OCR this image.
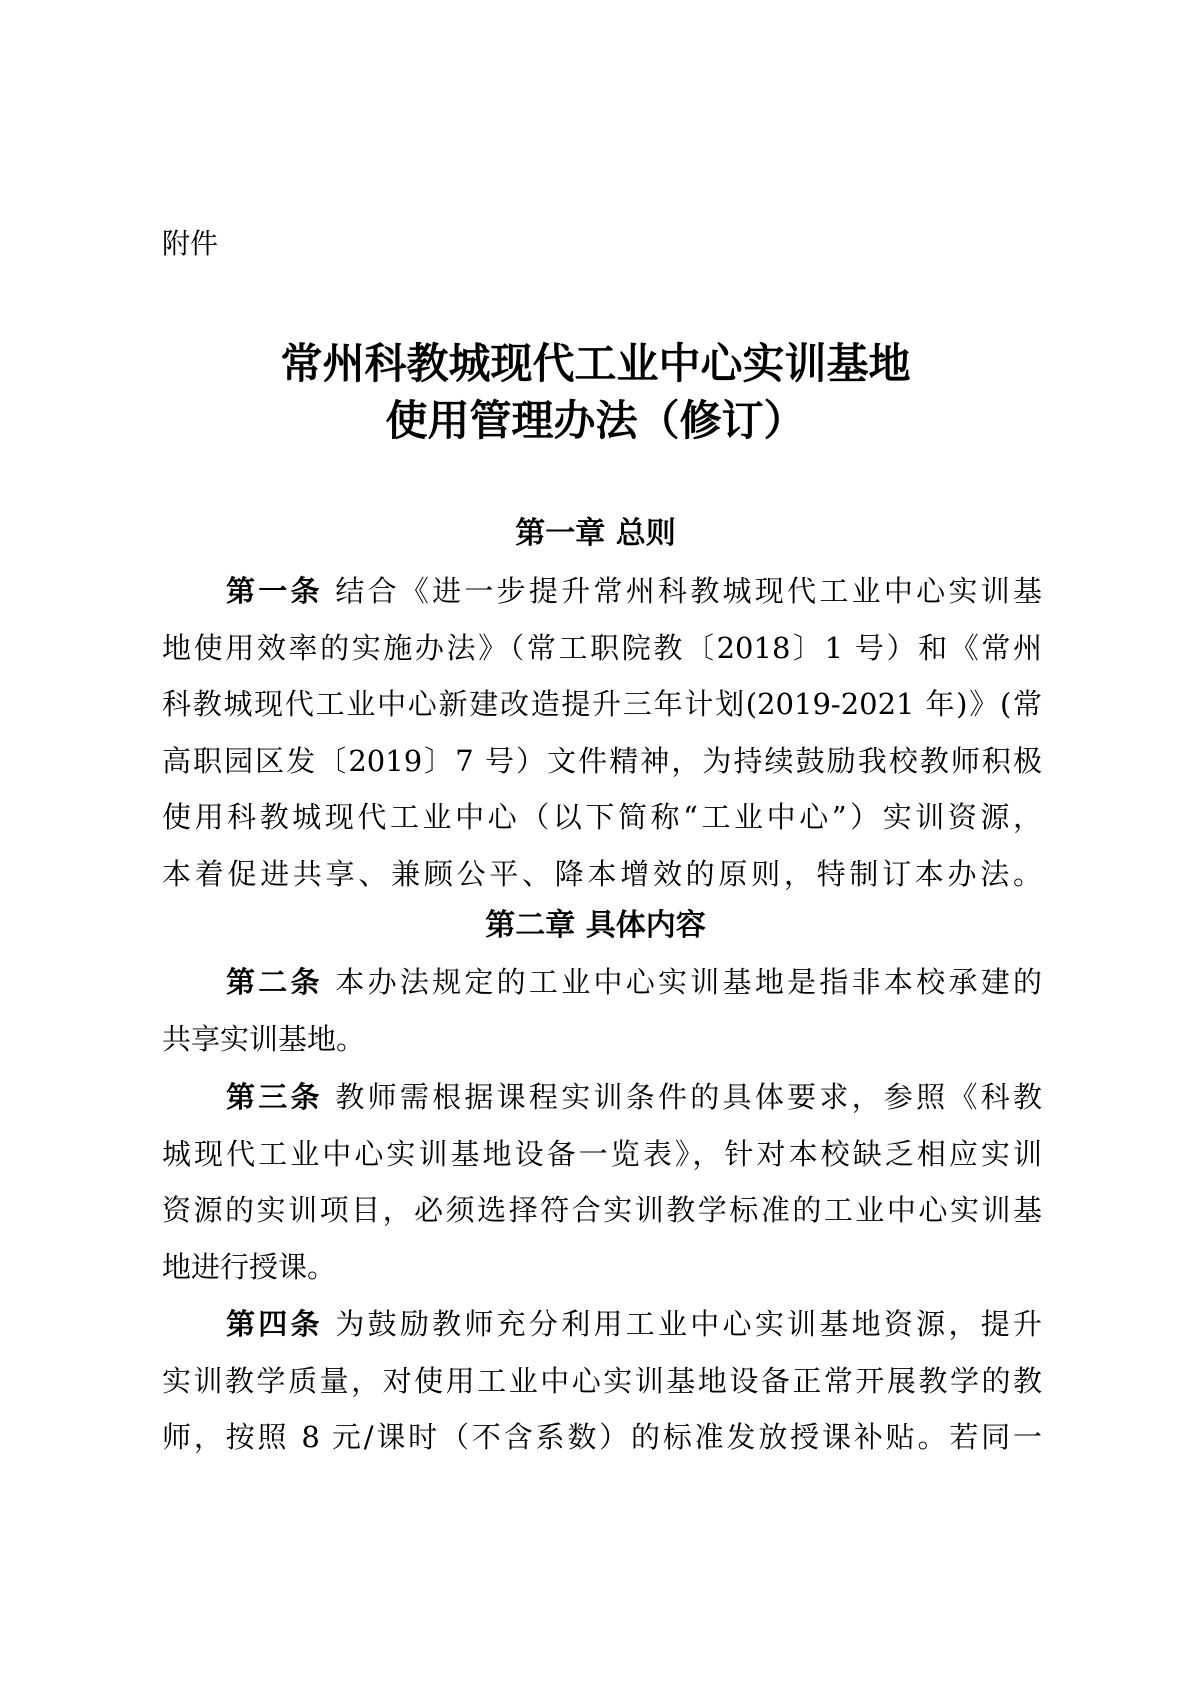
附件
常州科教城现代工业中心实训基地
使用管理办法（修订）
第一章 总则
第一条 结合《进一步提升常州科教城现代工业中心实训基
地使用效率的实施办法》（常工职院教〔2018〕1 号）和《常州
科教城现代工业中心新建改造提升三年计划(2019-2021 年)》(常
高职园区发〔2019〕7 号）文件精神，为持续鼓励我校教师积极
使用科教城现代工业中心（以下简称“工业中心”）实训资源，
本着促进共享、兼顾公平、降本增效的原则，特制订本办法。
第二章 具体内容
第二条 本办法规定的工业中心实训基地是指非本校承建的
共享实训基地。
第三条 教师需根据课程实训条件的具体要求，参照《科教
城现代工业中心实训基地设备一览表》，针对本校缺乏相应实训
资源的实训项目，必须选择符合实训教学标准的工业中心实训基
地进行授课。
第四条 为鼓励教师充分利用工业中心实训基地资源，提升
实训教学质量，对使用工业中心实训基地设备正常开展教学的教
师，按照 8 元/课时（不含系数）的标准发放授课补贴。若同一
